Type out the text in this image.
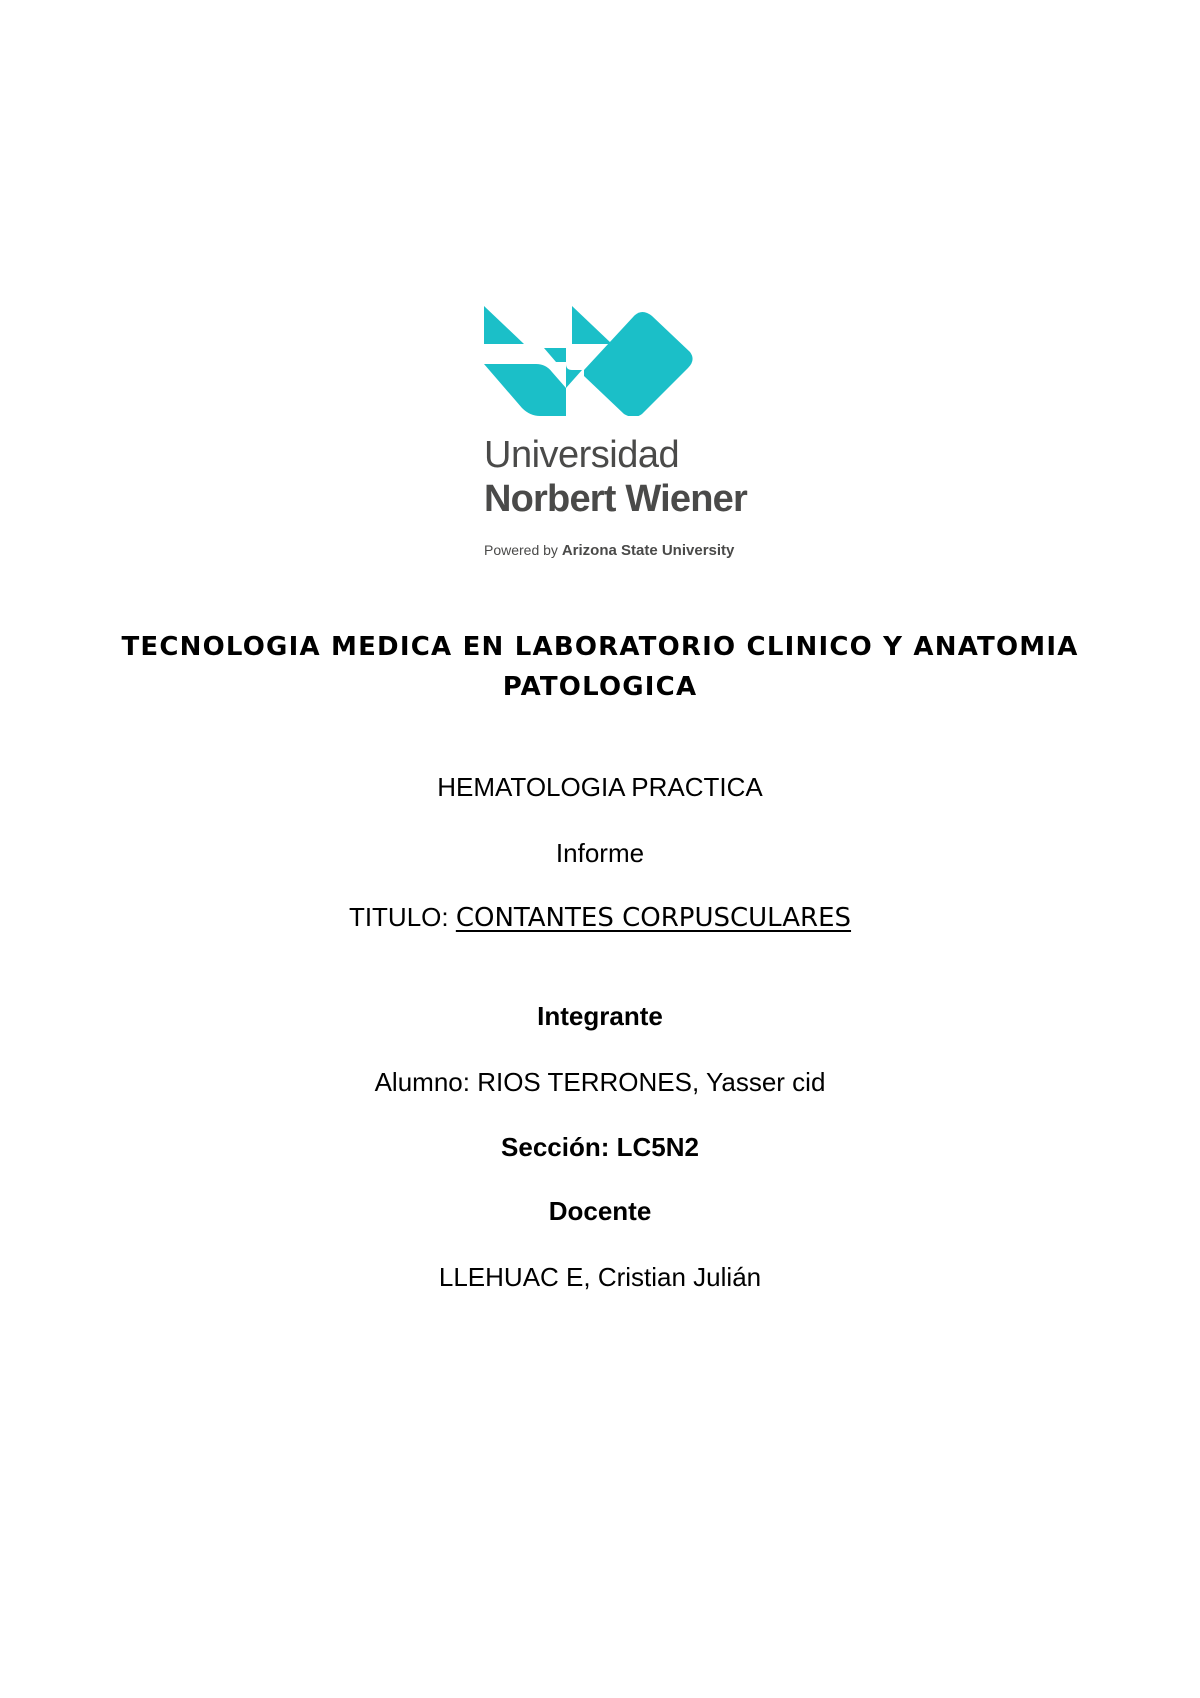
Universidad
Norbert Wiener
Powered by Arizona State University
TECNOLOGIA MEDICA EN LABORATORIO CLINICO Y ANATOMIA
PATOLOGICA
HEMATOLOGIA PRACTICA
Informe
TITULO: CONTANTES CORPUSCULARES
Integrante
Alumno: RIOS TERRONES, Yasser cid
Sección: LC5N2
Docente
LLEHUAC E, Cristian Julián
